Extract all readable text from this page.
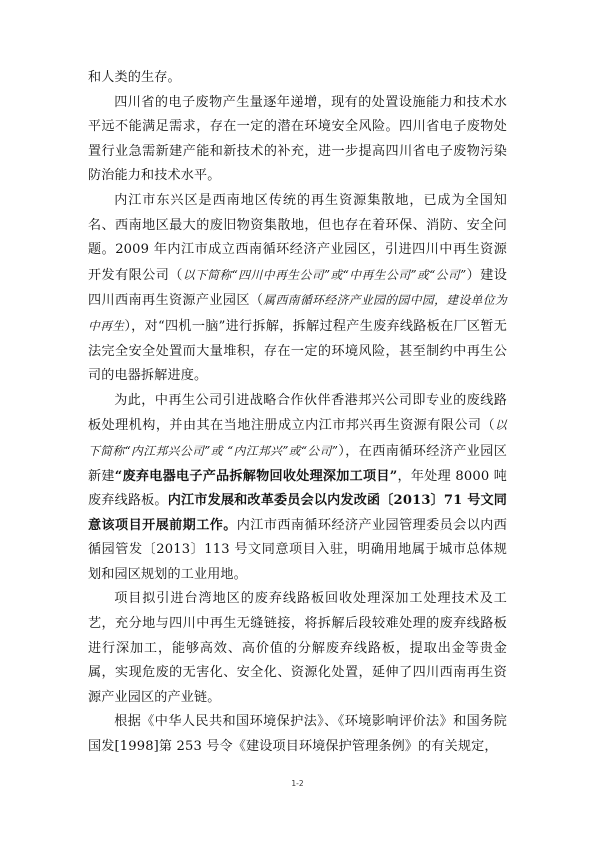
和人类的生存。

四川省的电子废物产生量逐年递增，现有的处置设施能力和技术水平远不能满足需求，存在一定的潜在环境安全风险。四川省电子废物处置行业急需新建产能和新技术的补充，进一步提高四川省电子废物污染防治能力和技术水平。

内江市东兴区是西南地区传统的再生资源集散地，已成为全国知名、西南地区最大的废旧物资集散地，但也存在着环保、消防、安全问题。2009 年内江市成立西南循环经济产业园区，引进四川中再生资源开发有限公司（以下简称“四川中再生公司”或“中再生公司”或“公司”）建设四川西南再生资源产业园区（属西南循环经济产业园的园中园，建设单位为中再生），对“四机一脑”进行拆解，拆解过程产生废弃线路板在厂区暂无法完全安全处置而大量堆积，存在一定的环境风险，甚至制约中再生公司的电器拆解进度。

为此，中再生公司引进战略合作伙伴香港邦兴公司即专业的废线路板处理机构，并由其在当地注册成立内江市邦兴再生资源有限公司（以下简称“内江邦兴公司”或 “内江邦兴”或“公司”），在西南循环经济产业园区新建“废弃电器电子产品拆解物回收处理深加工项目”，年处理 8000 吨废弃线路板。内江市发展和改革委员会以内发改函〔2013〕71 号文同意该项目开展前期工作。内江市西南循环经济产业园管理委员会以内西循园管发〔2013〕113 号文同意项目入驻，明确用地属于城市总体规划和园区规划的工业用地。

项目拟引进台湾地区的废弃线路板回收处理深加工处理技术及工艺，充分地与四川中再生无缝链接，将拆解后段较难处理的废弃线路板进行深加工，能够高效、高价值的分解废弃线路板，提取出金等贵金属，实现危废的无害化、安全化、资源化处置，延伸了四川西南再生资源产业园区的产业链。

根据《中华人民共和国环境保护法》、《环境影响评价法》和国务院国发[1998]第 253 号令《建设项目环境保护管理条例》的有关规定，

1-2
